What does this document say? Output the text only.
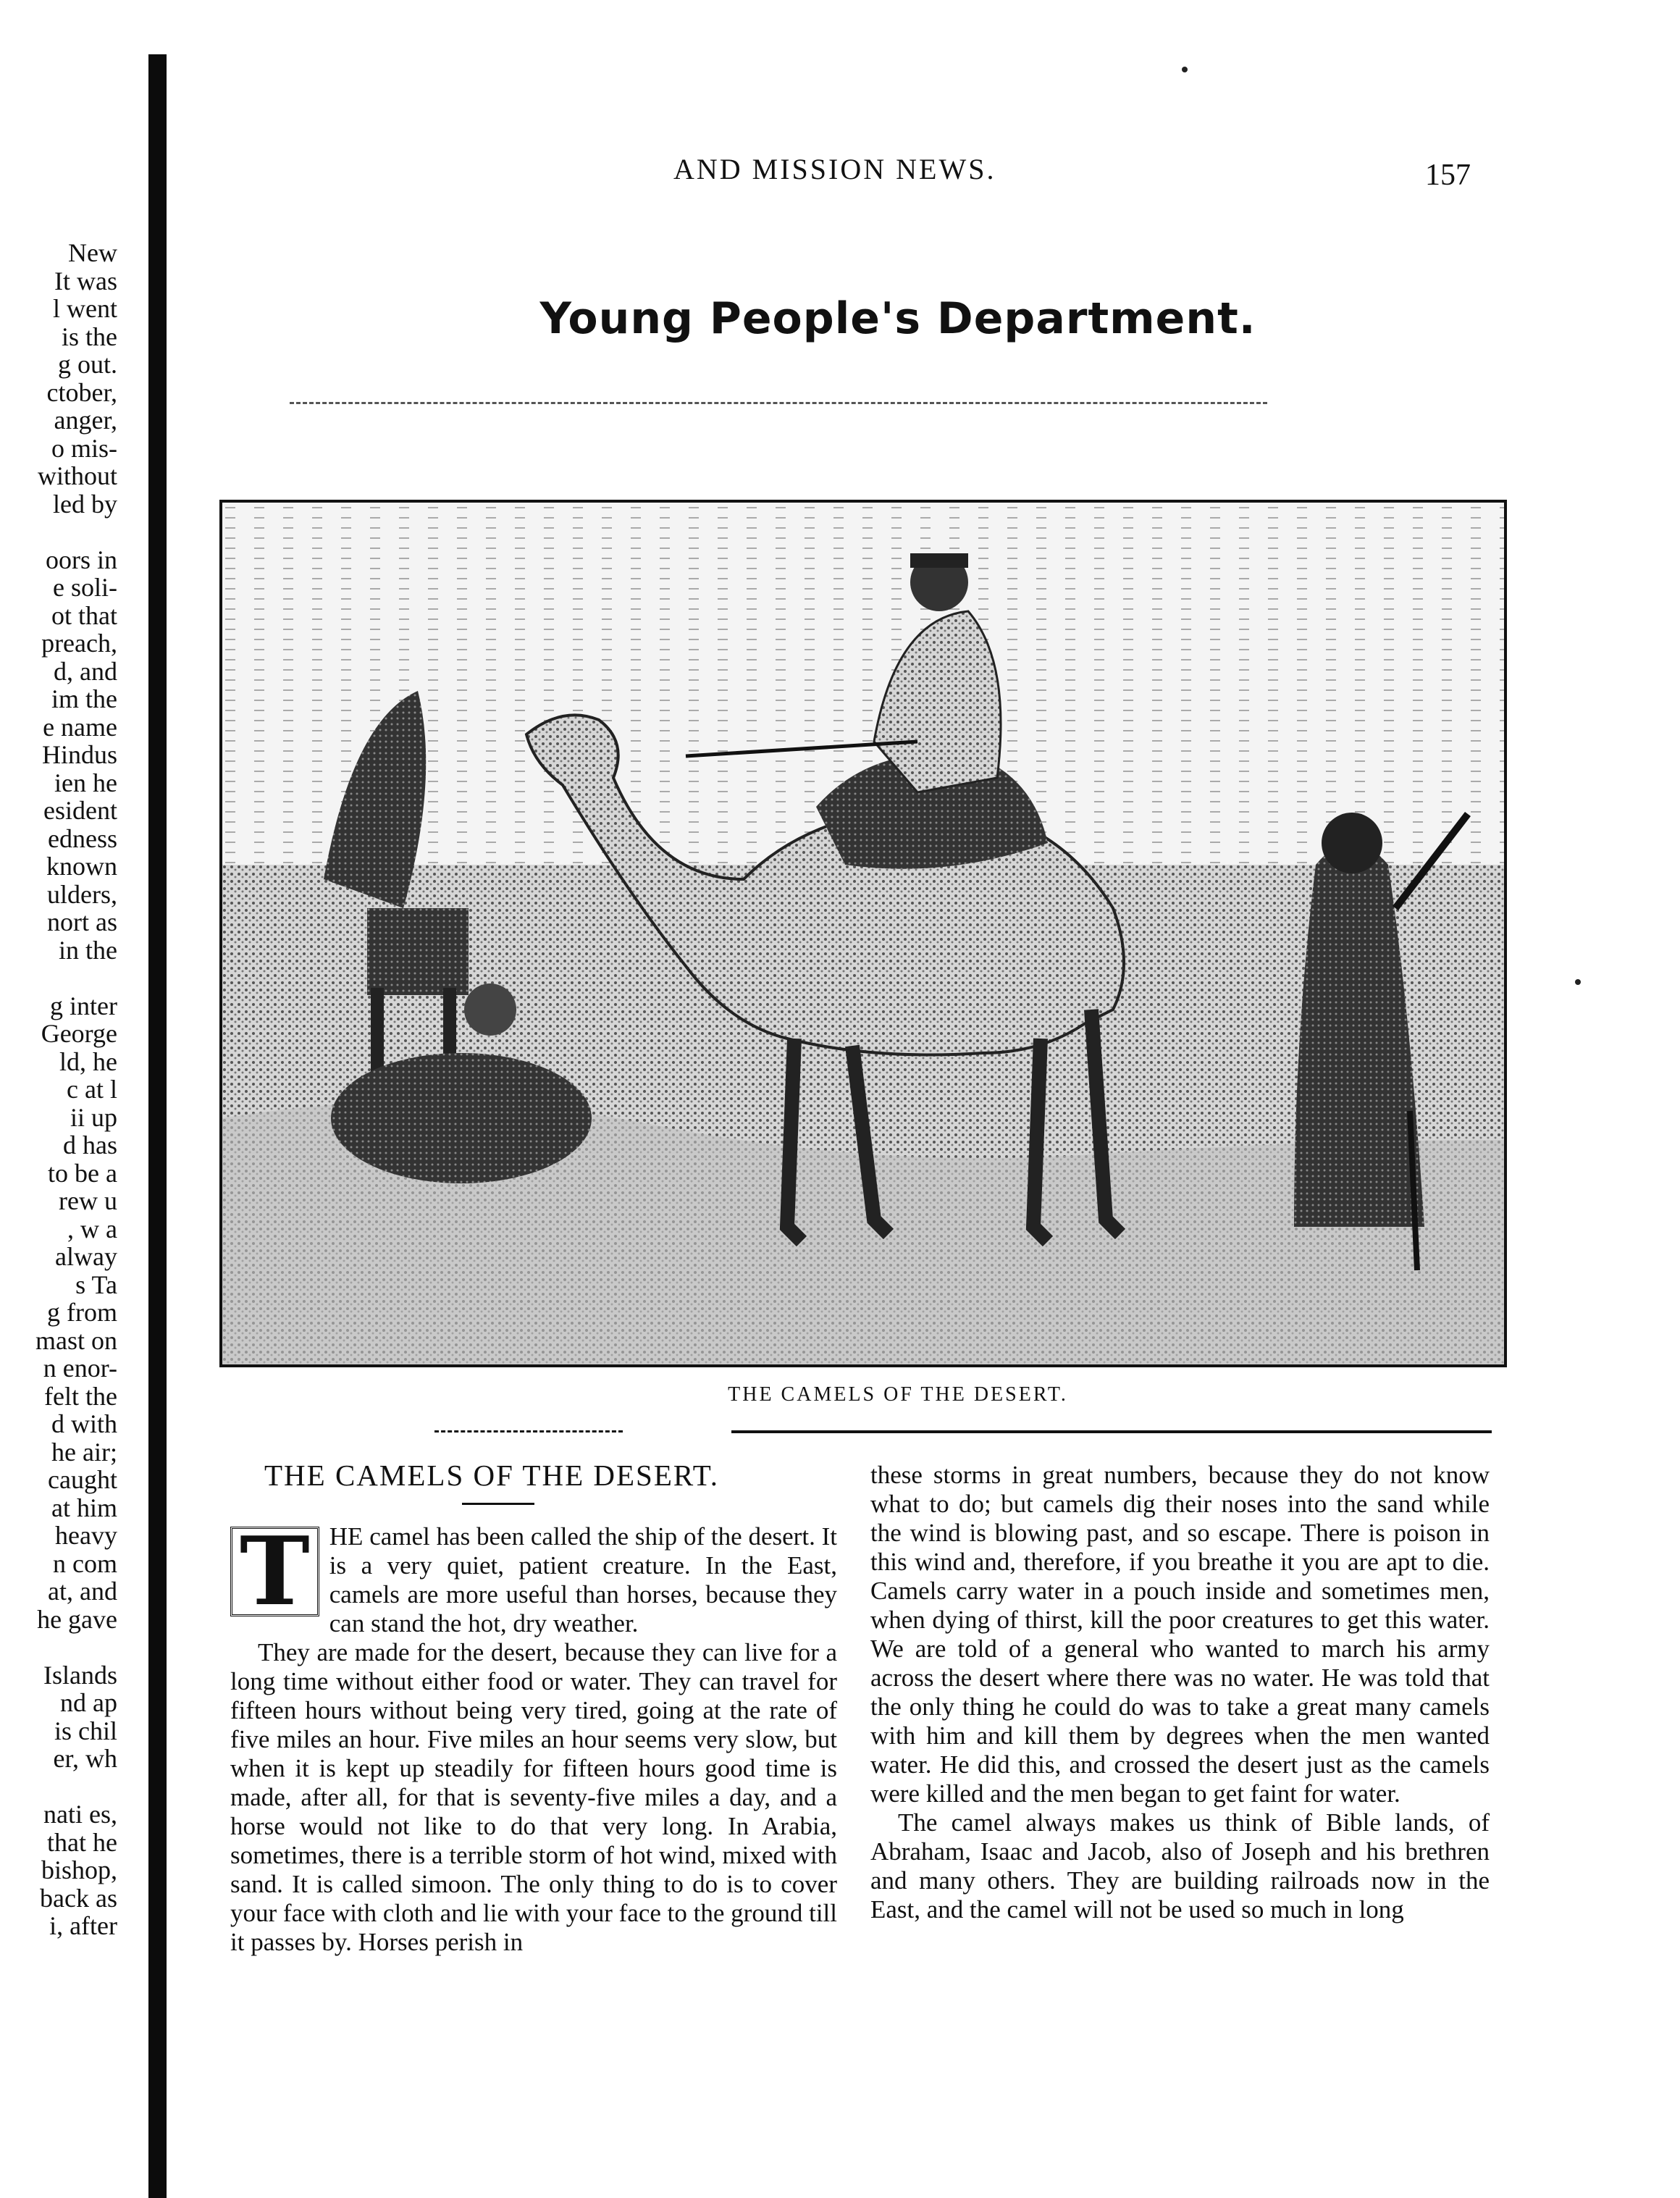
New
It was
l went
is the
g out.
ctober,
anger,
o mis-
without
led by
oors in
e soli-
ot that
preach,
d, and
im the
e name
Hindus
ien he
esident
edness
known
ulders,
nort as
in the
g inter
George
ld, he
c at l
ii up
d has
to be a
rew u
, w a
alway
s Ta
g from
mast on
n enor-
felt the
d with
he air;
caught
at him
heavy
n com
at, and
he gave
Islands
nd ap
is chil
er, wh
nati es,
that he
bishop,
back as
i, after
AND MISSION NEWS.	157
Young People's Department.
THE CAMELS OF THE DESERT.
THE CAMELS OF THE DESERT.

T HE camel has been called the ship of the desert. It is a very quiet, patient creature. In the East, camels are more useful than horses, because they can stand the hot, dry weather.

They are made for the desert, because they can live for a long time without either food or water. They can travel for fifteen hours without being very tired, going at the rate of five miles an hour. Five miles an hour seems very slow, but when it is kept up steadily for fifteen hours good time is made, after all, for that is seventy-five miles a day, and a horse would not like to do that very long. In Arabia, sometimes, there is a terrible storm of hot wind, mixed with sand. It is called simoon. The only thing to do is to cover your face with cloth and lie with your face to the ground till it passes by. Horses perish in

these storms in great numbers, because they do not know what to do; but camels dig their noses into the sand while the wind is blowing past, and so escape. There is poison in this wind and, therefore, if you breathe it you are apt to die. Camels carry water in a pouch inside and sometimes men, when dying of thirst, kill the poor creatures to get this water. We are told of a general who wanted to march his army across the desert where there was no water. He was told that the only thing he could do was to take a great many camels with him and kill them by degrees when the men wanted water. He did this, and crossed the desert just as the camels were killed and the men began to get faint for water.

The camel always makes us think of Bible lands, of Abraham, Isaac and Jacob, also of Joseph and his brethren and many others. They are building railroads now in the East, and the camel will not be used so much in long
